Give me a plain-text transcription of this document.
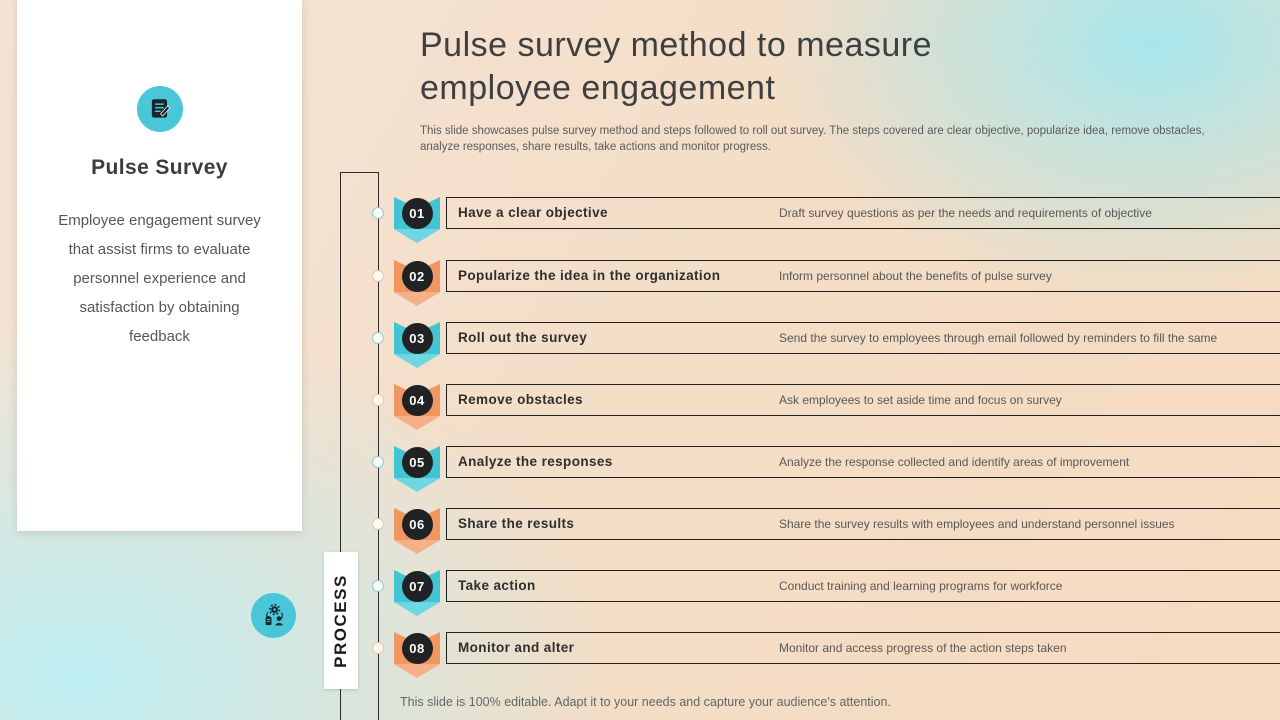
Pulse Survey
Employee engagement survey that assist firms to evaluate personnel experience and satisfaction by obtaining feedback
PROCESS
Pulse survey method to measure employee engagement

This slide showcases pulse survey method and steps followed to roll out survey. The steps covered are clear objective, popularize idea, remove obstacles, analyze responses, share results, take actions and monitor progress.

Have a clear objective	Draft survey questions as per the needs and requirements of objective
01
Popularize the idea in the organization	Inform personnel about the benefits of pulse survey
02
Roll out the survey	Send the survey to employees through email followed by reminders to fill the same
03
Remove obstacles	Ask employees to set aside time and focus on survey
04
Analyze the responses	Analyze the response collected and identify areas of improvement
05
Share the results	Share the survey results with employees and understand personnel issues
06
Take action	Conduct training and learning programs for workforce
07
Monitor and alter	Monitor and access progress of the action steps taken
08
This slide is 100% editable. Adapt it to your needs and capture your audience's attention.
